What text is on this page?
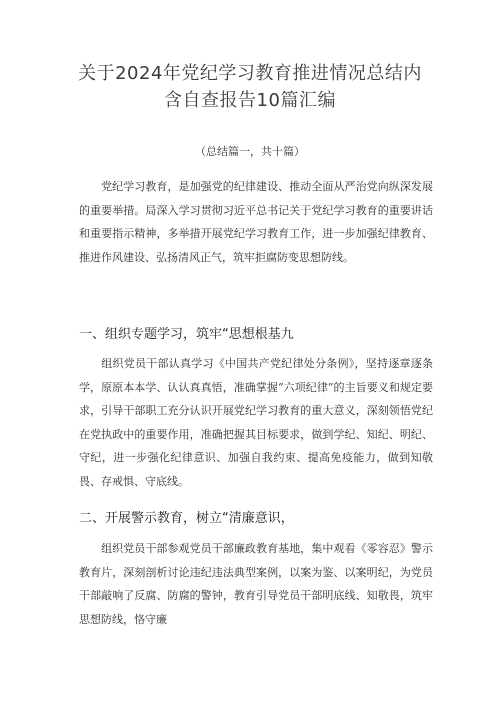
关于2024年党纪学习教育推进情况总结内
含自查报告10篇汇编
（总结篇一，共十篇）
党纪学习教育，是加强党的纪律建设、推动全面从严治党向纵深发展的重要举措。局深入学习贯彻习近平总书记关于党纪学习教育的重要讲话和重要指示精神，多举措开展党纪学习教育工作，进一步加强纪律教育、推进作风建设、弘扬清风正气，筑牢拒腐防变思想防线。
一、组织专题学习，筑牢“思想根基九
组织党员干部认真学习《中国共产党纪律处分条例》，坚持逐章逐条学，原原本本学、认认真真悟，准确掌握“六项纪律”的主旨要义和规定要求，引导干部职工充分认识开展党纪学习教育的重大意义，深刻领悟党纪在党执政中的重要作用，准确把握其目标要求，做到学纪、知纪、明纪、守纪，进一步强化纪律意识、加强自我约束、提高免疫能力，做到知敬畏、存戒惧、守底线。
二、开展警示教育，树立“清廉意识，
组织党员干部参观党员干部廉政教育基地，集中观看《零容忍》警示教育片，深刻剖析讨论违纪违法典型案例，以案为鉴、以案明纪，为党员干部敲响了反腐、防腐的警钟，教育引导党员干部明底线、知敬畏，筑牢思想防线，恪守廉
